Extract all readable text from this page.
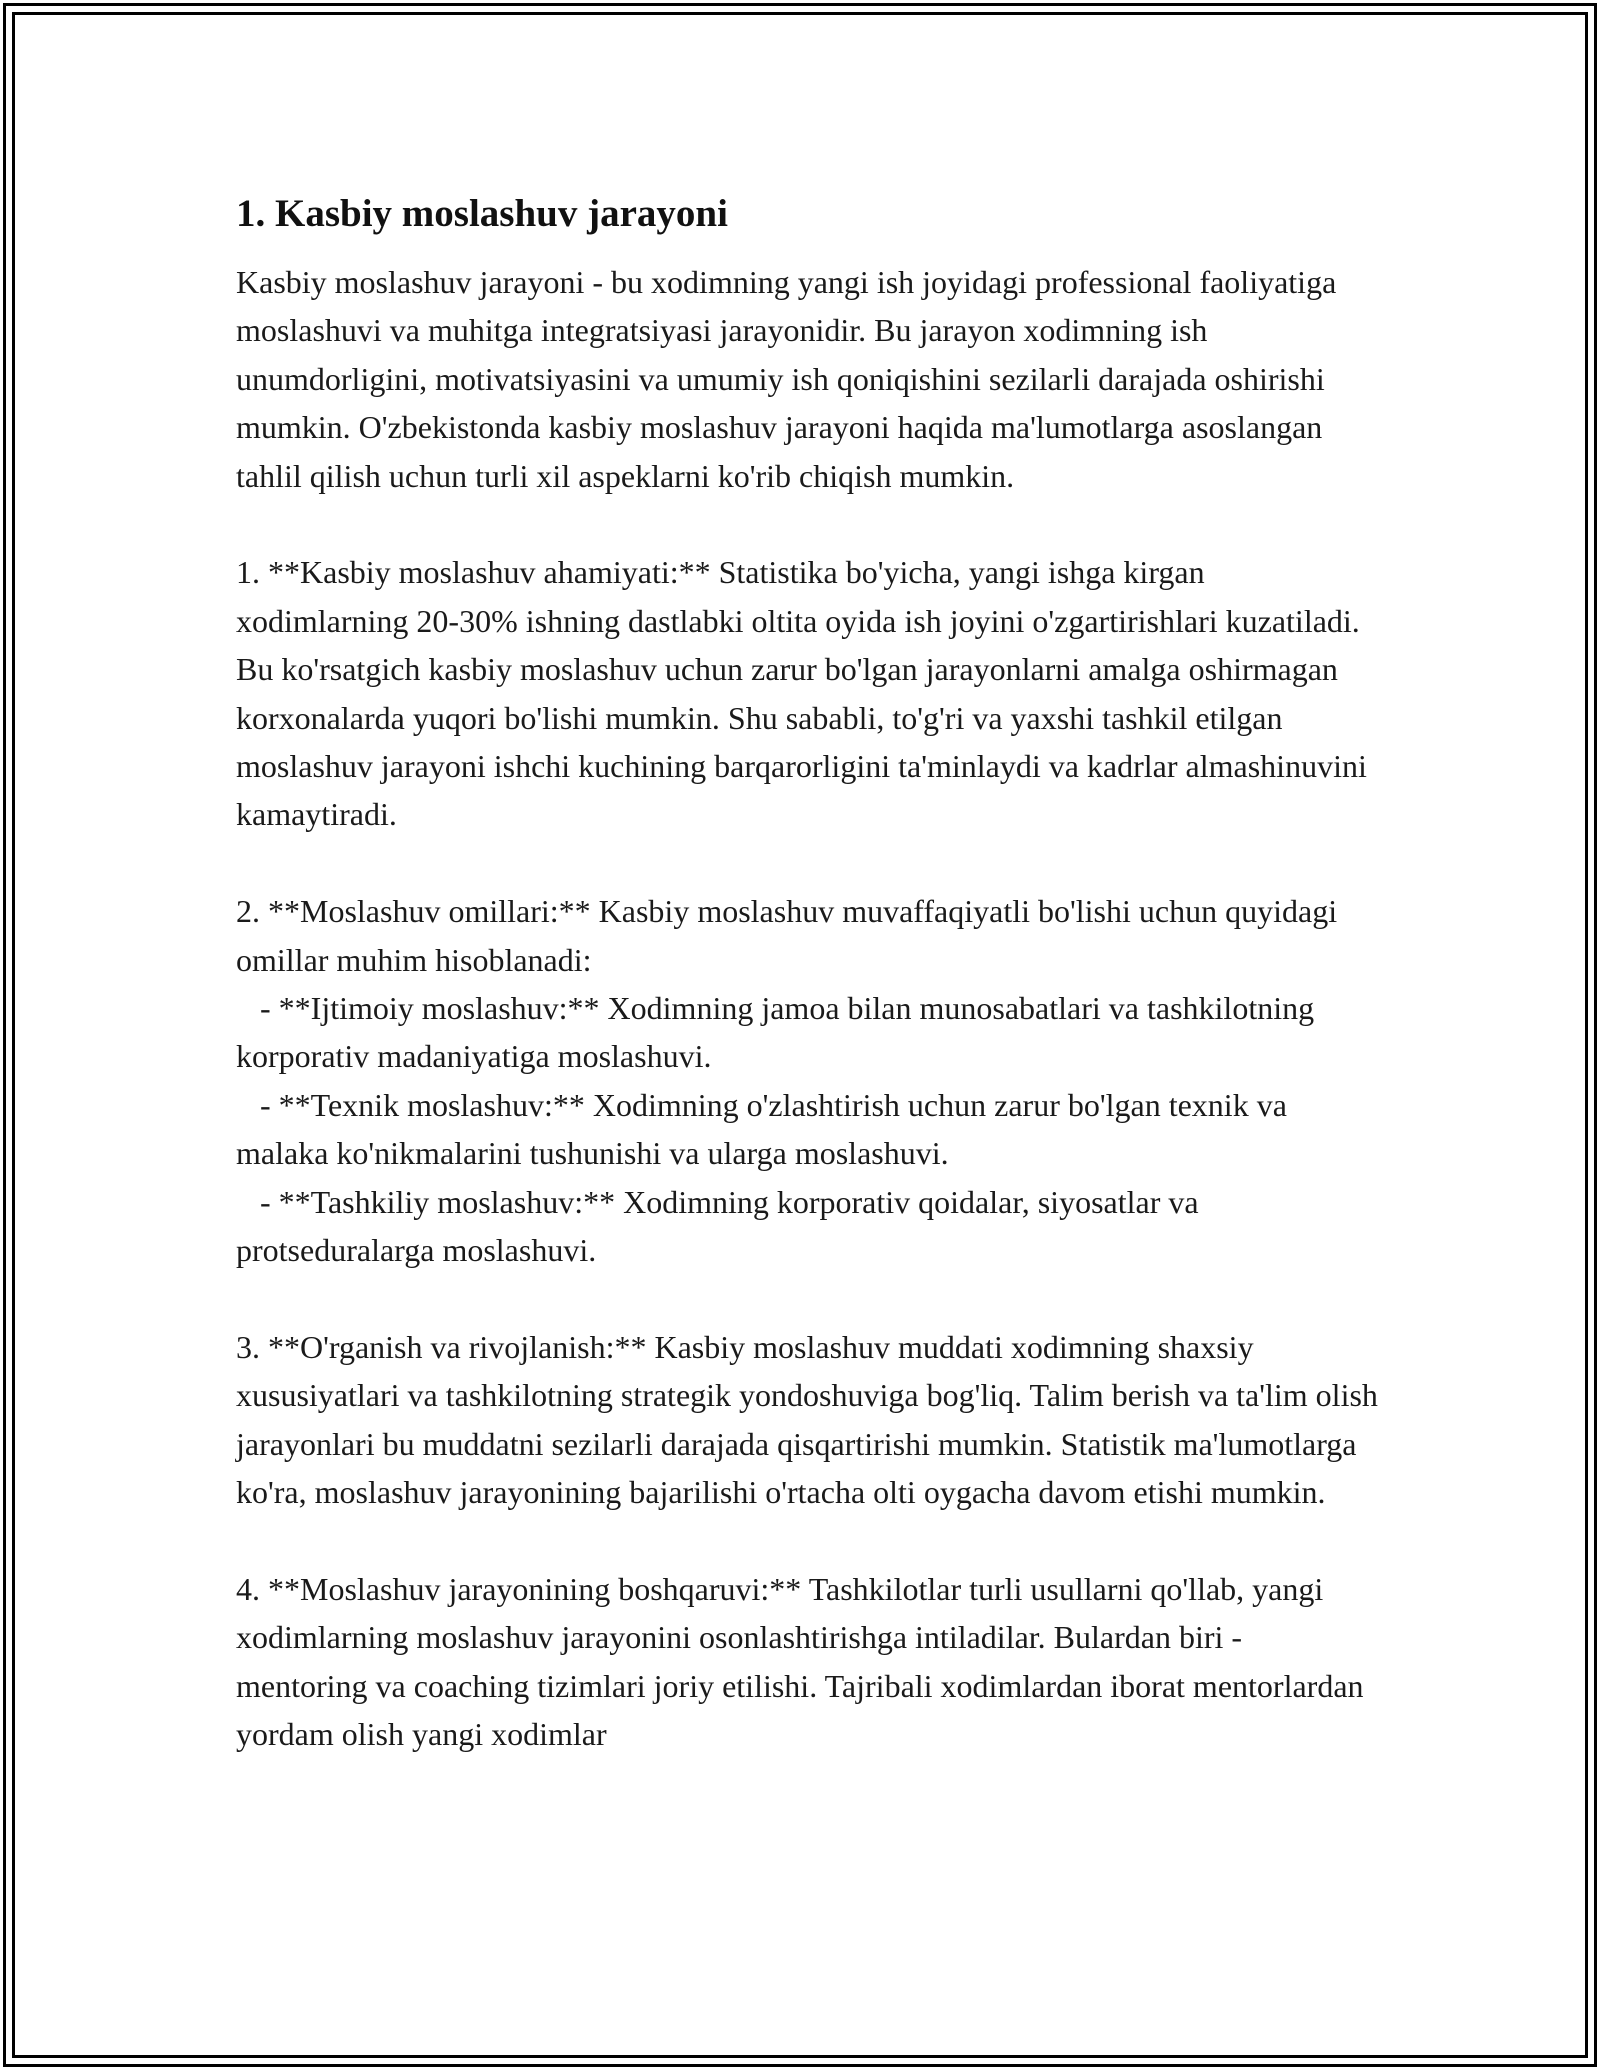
1. Kasbiy moslashuv jarayoni

Kasbiy moslashuv jarayoni - bu xodimning yangi ish joyidagi professional faoliyatiga moslashuvi va muhitga integratsiyasi jarayonidir. Bu jarayon xodimning ish unumdorligini, motivatsiyasini va umumiy ish qoniqishini sezilarli darajada oshirishi mumkin. O'zbekistonda kasbiy moslashuv jarayoni haqida ma'lumotlarga asoslangan tahlil qilish uchun turli xil aspeklarni ko'rib chiqish mumkin.

1. **Kasbiy moslashuv ahamiyati:** Statistika bo'yicha, yangi ishga kirgan xodimlarning 20-30% ishning dastlabki oltita oyida ish joyini o'zgartirishlari kuzatiladi. Bu ko'rsatgich kasbiy moslashuv uchun zarur bo'lgan jarayonlarni amalga oshirmagan korxonalarda yuqori bo'lishi mumkin. Shu sababli, to'g'ri va yaxshi tashkil etilgan moslashuv jarayoni ishchi kuchining barqarorligini ta'minlaydi va kadrlar almashinuvini kamaytiradi.

2. **Moslashuv omillari:** Kasbiy moslashuv muvaffaqiyatli bo'lishi uchun quyidagi omillar muhim hisoblanadi:

- **Ijtimoiy moslashuv:** Xodimning jamoa bilan munosabatlari va tashkilotning korporativ madaniyatiga moslashuvi.

- **Texnik moslashuv:** Xodimning o'zlashtirish uchun zarur bo'lgan texnik va malaka ko'nikmalarini tushunishi va ularga moslashuvi.

- **Tashkiliy moslashuv:** Xodimning korporativ qoidalar, siyosatlar va protseduralarga moslashuvi.

3. **O'rganish va rivojlanish:** Kasbiy moslashuv muddati xodimning shaxsiy xususiyatlari va tashkilotning strategik yondoshuviga bog'liq. Talim berish va ta'lim olish jarayonlari bu muddatni sezilarli darajada qisqartirishi mumkin. Statistik ma'lumotlarga ko'ra, moslashuv jarayonining bajarilishi o'rtacha olti oygacha davom etishi mumkin.

4. **Moslashuv jarayonining boshqaruvi:** Tashkilotlar turli usullarni qo'llab, yangi xodimlarning moslashuv jarayonini osonlashtirishga intiladilar. Bulardan biri - mentoring va coaching tizimlari joriy etilishi. Tajribali xodimlardan iborat mentorlardan yordam olish yangi xodimlar
